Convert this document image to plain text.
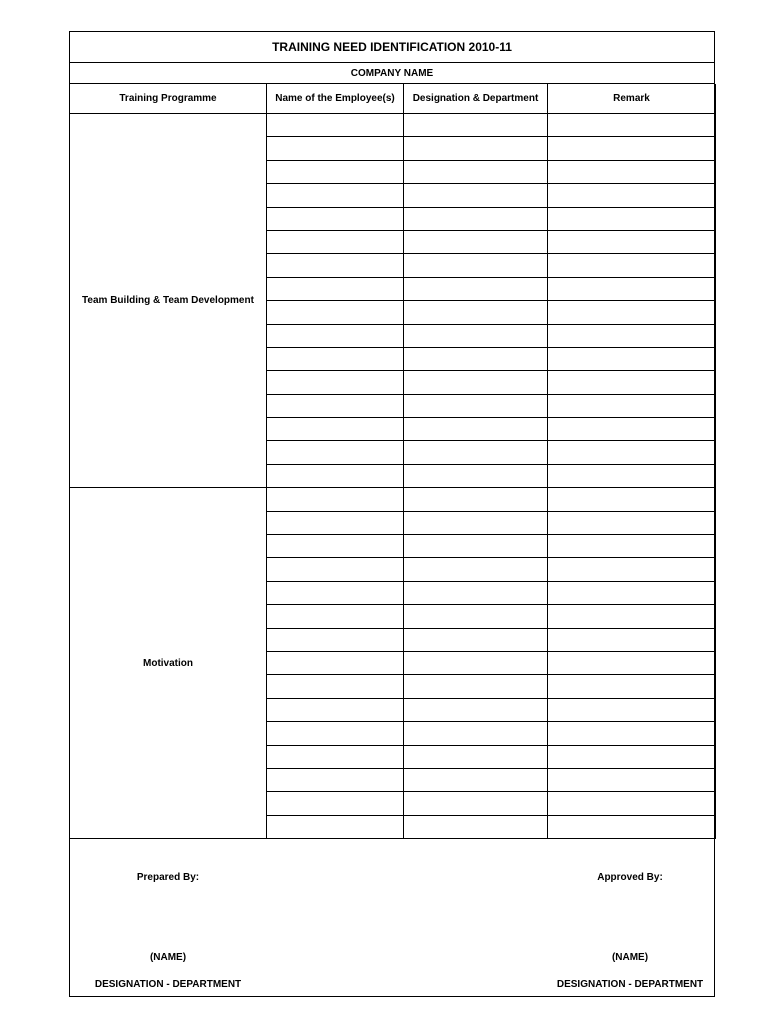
TRAINING NEED IDENTIFICATION 2010-11
COMPANY NAME
Training Programme	Name of the Employee(s)	Designation & Department	Remark
Team Building & Team Development			

Motivation			

Prepared By:	Approved By:
(NAME)	(NAME)
DESIGNATION - DEPARTMENT	DESIGNATION - DEPARTMENT
